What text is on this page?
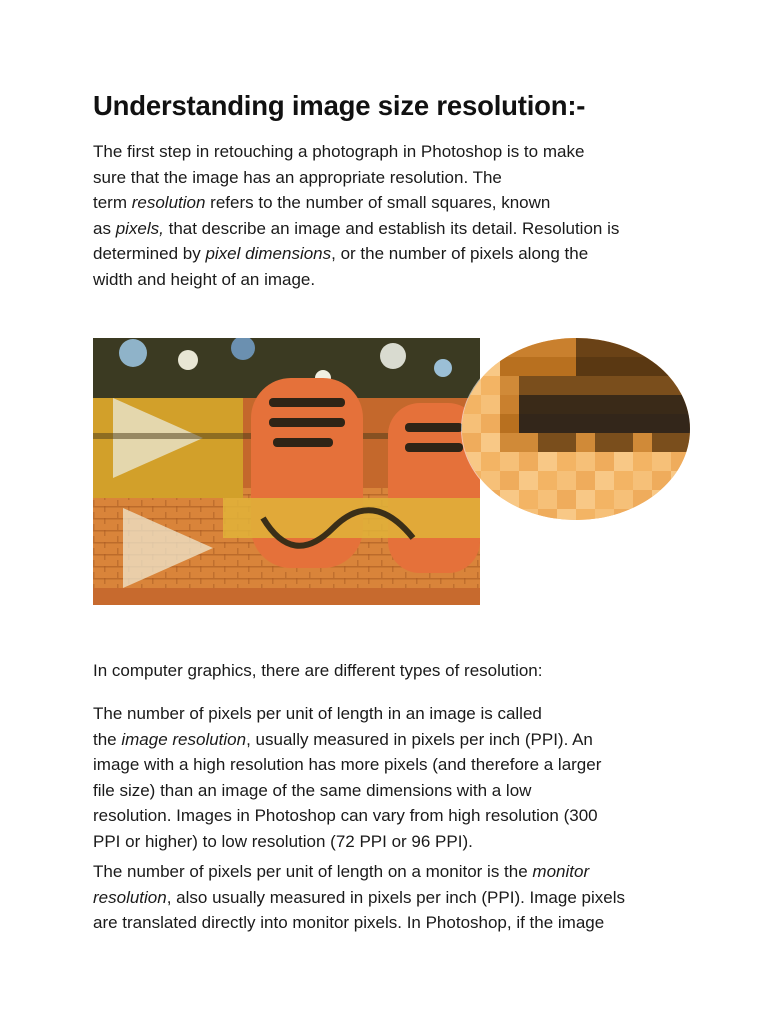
Understanding image size resolution:-

The first step in retouching a photograph in Photoshop is to make
sure that the image has an appropriate resolution. The
term resolution refers to the number of small squares, known
as pixels, that describe an image and establish its detail. Resolution is
determined by pixel dimensions, or the number of pixels along the
width and height of an image.

In computer graphics, there are different types of resolution:

The number of pixels per unit of length in an image is called
the image resolution, usually measured in pixels per inch (PPI). An
image with a high resolution has more pixels (and therefore a larger
file size) than an image of the same dimensions with a low
resolution. Images in Photoshop can vary from high resolution (300
PPI or higher) to low resolution (72 PPI or 96 PPI).

The number of pixels per unit of length on a monitor is the monitor
resolution, also usually measured in pixels per inch (PPI). Image pixels
are translated directly into monitor pixels. In Photoshop, if the image
